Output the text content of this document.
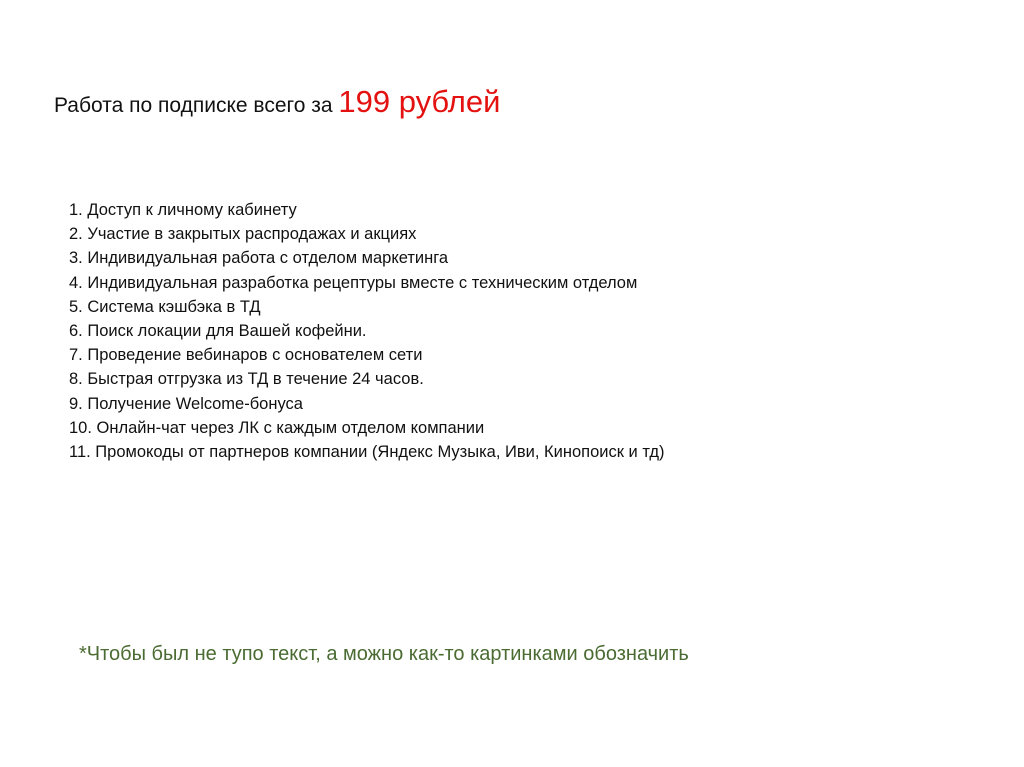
Работа по подписке всего за 199 рублей
1. Доступ к личному кабинету
2. Участие в закрытых распродажах и акциях
3. Индивидуальная работа с отделом маркетинга
4. Индивидуальная разработка рецептуры вместе с техническим отделом
5. Система кэшбэка в ТД
6. Поиск локации для Вашей кофейни.
7. Проведение вебинаров с основателем сети
8. Быстрая отгрузка из ТД в течение 24 часов.
9. Получение Welcome-бонуса
10. Онлайн-чат через ЛК с каждым отделом компании
11. Промокоды от партнеров компании (Яндекс Музыка, Иви, Кинопоиск и тд)
*Чтобы был не тупо текст, а можно как-то картинками обозначить
